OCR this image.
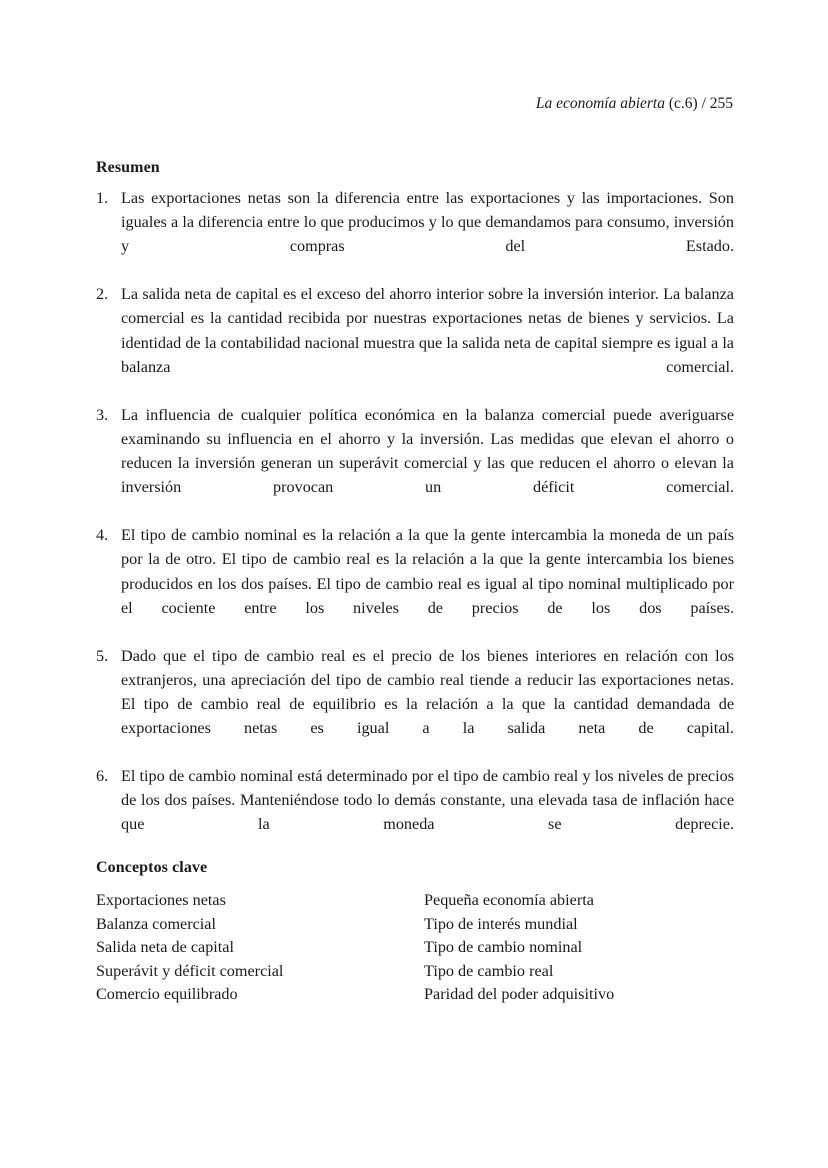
La economía abierta (c.6) / 255
Resumen
1. Las exportaciones netas son la diferencia entre las exportaciones y las importaciones. Son iguales a la diferencia entre lo que producimos y lo que demandamos para consumo, inversión y compras del Estado.
2. La salida neta de capital es el exceso del ahorro interior sobre la inversión interior. La balanza comercial es la cantidad recibida por nuestras exportaciones netas de bienes y servicios. La identidad de la contabilidad nacional muestra que la salida neta de capital siempre es igual a la balanza comercial.
3. La influencia de cualquier política económica en la balanza comercial puede averiguarse examinando su influencia en el ahorro y la inversión. Las medidas que elevan el ahorro o reducen la inversión generan un superávit comercial y las que reducen el ahorro o elevan la inversión provocan un déficit comercial.
4. El tipo de cambio nominal es la relación a la que la gente intercambia la moneda de un país por la de otro. El tipo de cambio real es la relación a la que la gente intercambia los bienes producidos en los dos países. El tipo de cambio real es igual al tipo nominal multiplicado por el cociente entre los niveles de precios de los dos países.
5. Dado que el tipo de cambio real es el precio de los bienes interiores en relación con los extranjeros, una apreciación del tipo de cambio real tiende a reducir las exportaciones netas. El tipo de cambio real de equilibrio es la relación a la que la cantidad demandada de exportaciones netas es igual a la salida neta de capital.
6. El tipo de cambio nominal está determinado por el tipo de cambio real y los niveles de precios de los dos países. Manteniéndose todo lo demás constante, una elevada tasa de inflación hace que la moneda se deprecie.
Conceptos clave
Exportaciones netas
Balanza comercial
Salida neta de capital
Superávit y déficit comercial
Comercio equilibrado
Pequeña economía abierta
Tipo de interés mundial
Tipo de cambio nominal
Tipo de cambio real
Paridad del poder adquisitivo
